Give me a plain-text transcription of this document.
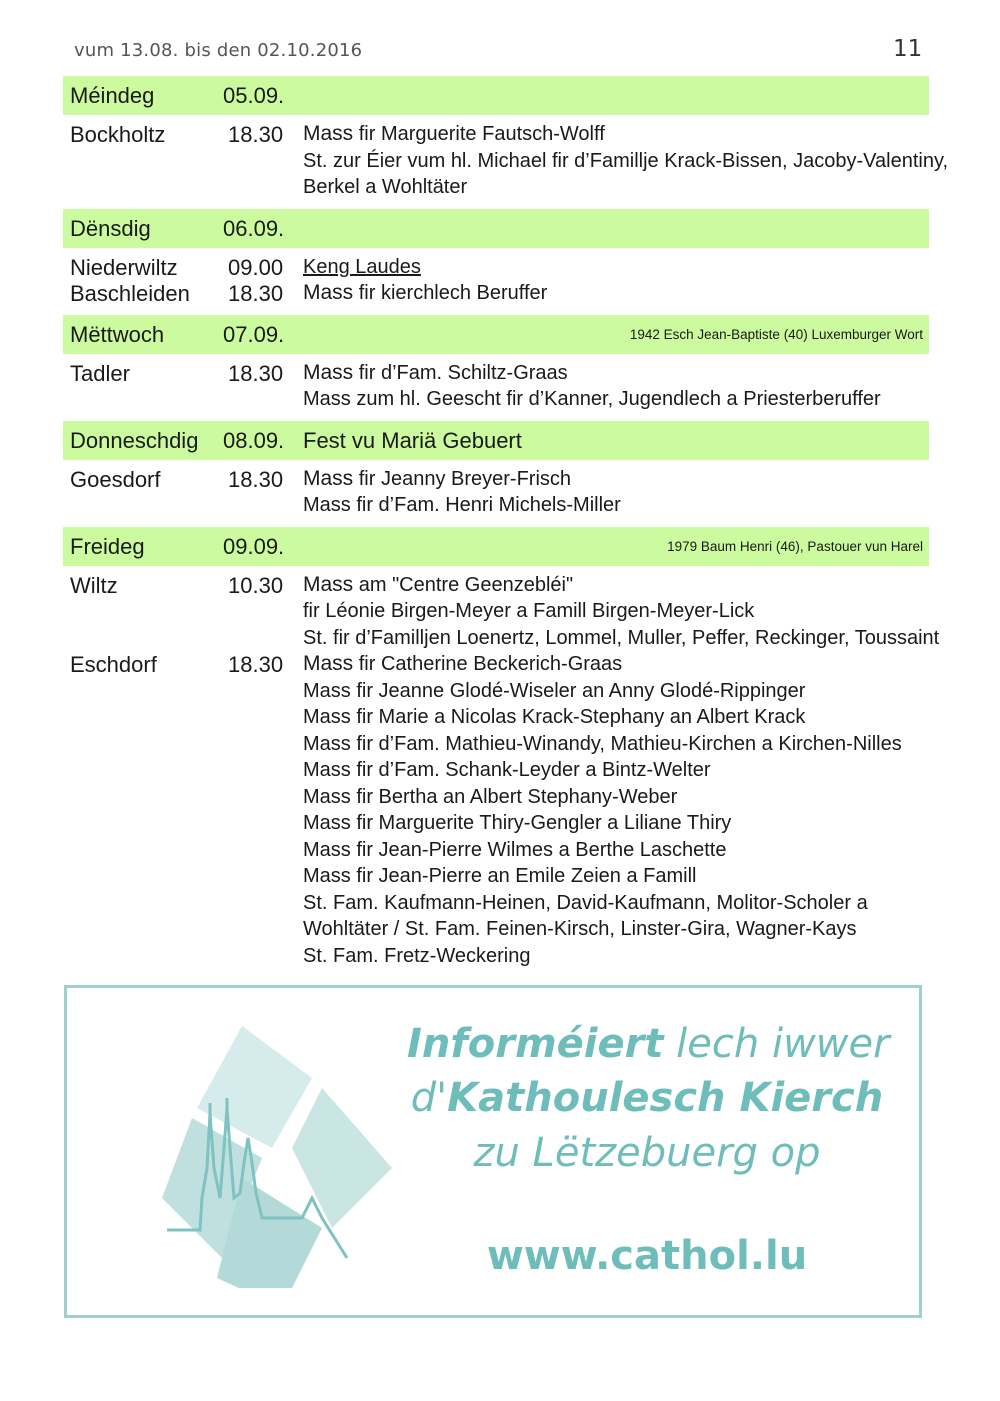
vum 13.08. bis den 02.10.2016	11
Méindeg	05.09.
Bockholtz	18.30 Mass fir Marguerite Fautsch-Wolff
St. zur Éier vum hl. Michael fir d’Famillje Krack-Bissen, Jacoby-Valentiny,
Berkel a Wohltäter
Dënsdig	06.09.
Niederwiltz 09.00 Keng Laudes
Baschleiden 18.30 Mass fir kierchlech Beruffer
Mëttwoch	07.09.	1942 Esch Jean-Baptiste (40) Luxemburger Wort
Tadler	18.30 Mass fir d’Fam. Schiltz-Graas
Mass zum hl. Geescht fir d’Kanner, Jugendlech a Priesterberuffer
Donneschdig 08.09. Fest vu Mariä Gebuert
Goesdorf	18.30 Mass fir Jeanny Breyer-Frisch
Mass fir d’Fam. Henri Michels-Miller
Freideg	09.09.	1979 Baum Henri (46), Pastouer vun Harel
Wiltz	10.30 Mass am "Centre Geenzebléi"
fir Léonie Birgen-Meyer a Famill Birgen-Meyer-Lick
St. fir d’Familljen Loenertz, Lommel, Muller, Peffer, Reckinger, Toussaint
Eschdorf	18.30 Mass fir Catherine Beckerich-Graas
Mass fir Jeanne Glodé-Wiseler an Anny Glodé-Rippinger
Mass fir Marie a Nicolas Krack-Stephany an Albert Krack
Mass fir d’Fam. Mathieu-Winandy, Mathieu-Kirchen a Kirchen-Nilles
Mass fir d’Fam. Schank-Leyder a Bintz-Welter
Mass fir Bertha an Albert Stephany-Weber
Mass fir Marguerite Thiry-Gengler a Liliane Thiry
Mass fir Jean-Pierre Wilmes a Berthe Laschette
Mass fir Jean-Pierre an Emile Zeien a Famill
St. Fam. Kaufmann-Heinen, David-Kaufmann, Molitor-Scholer a
Wohltäter / St. Fam. Feinen-Kirsch, Linster-Gira, Wagner-Kays
St. Fam. Fretz-Weckering
Informéiert lech iwwer
d'Kathoulesch Kierch
zu Lëtzebuerg op
www.cathol.lu
